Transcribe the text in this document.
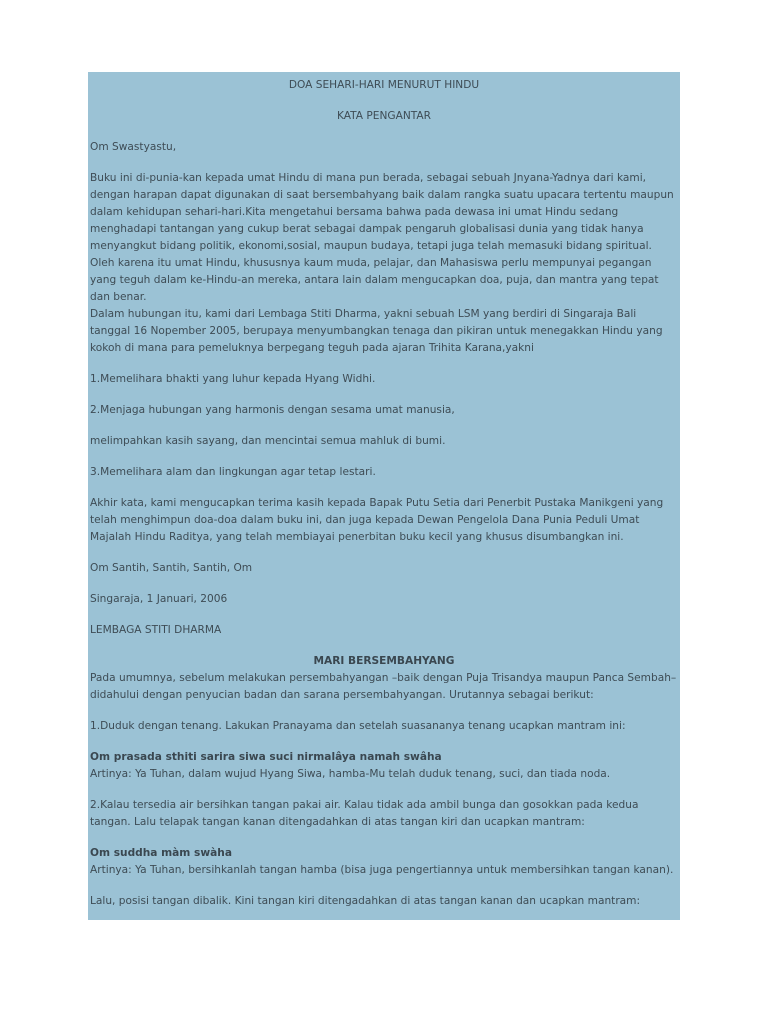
DOA SEHARI-HARI MENURUT HINDU

KATA PENGANTAR

Om Swastyastu,

Buku ini di-punia-kan kepada umat Hindu di mana pun berada, sebagai sebuah Jnyana-Yadnya dari kami, dengan harapan dapat digunakan di saat bersembahyang baik dalam rangka suatu upacara tertentu maupun dalam kehidupan sehari-hari.Kita mengetahui bersama bahwa pada dewasa ini umat Hindu sedang menghadapi tantangan yang cukup berat sebagai dampak pengaruh globalisasi dunia yang tidak hanya menyangkut bidang politik, ekonomi,sosial, maupun budaya, tetapi juga telah memasuki bidang spiritual. Oleh karena itu umat Hindu, khususnya kaum muda, pelajar, dan Mahasiswa perlu mempunyai pegangan yang teguh dalam ke-Hindu-an mereka, antara lain dalam mengucapkan doa, puja, dan mantra yang tepat dan benar.

Dalam hubungan itu, kami dari Lembaga Stiti Dharma, yakni sebuah LSM yang berdiri di Singaraja Bali tanggal 16 Nopember 2005, berupaya menyumbangkan tenaga dan pikiran untuk menegakkan Hindu yang kokoh di mana para pemeluknya berpegang teguh pada ajaran Trihita Karana,yakni

1.Memelihara bhakti yang luhur kepada Hyang Widhi.

2.Menjaga hubungan yang harmonis dengan sesama umat manusia,

melimpahkan kasih sayang, dan mencintai semua mahluk di bumi.

3.Memelihara alam dan lingkungan agar tetap lestari.

Akhir kata, kami mengucapkan terima kasih kepada Bapak Putu Setia dari Penerbit Pustaka Manikgeni yang telah menghimpun doa-doa dalam buku ini, dan juga kepada Dewan Pengelola Dana Punia Peduli Umat Majalah Hindu Raditya, yang telah membiayai penerbitan buku kecil yang khusus disumbangkan ini.

Om Santih, Santih, Santih, Om

Singaraja, 1 Januari, 2006

LEMBAGA STITI DHARMA

MARI BERSEMBAHYANG

Pada umumnya, sebelum melakukan persembahyangan –baik dengan Puja Trisandya maupun Panca Sembah– didahului dengan penyucian badan dan sarana persembahyangan. Urutannya sebagai berikut:

1.Duduk dengan tenang. Lakukan Pranayama dan setelah suasananya tenang ucapkan mantram ini:

Om prasada sthiti sarira siwa suci nirmalâya namah swâha

Artinya: Ya Tuhan, dalam wujud Hyang Siwa, hamba-Mu telah duduk tenang, suci, dan tiada noda.

2.Kalau tersedia air bersihkan tangan pakai air. Kalau tidak ada ambil bunga dan gosokkan pada kedua tangan. Lalu telapak tangan kanan ditengadahkan di atas tangan kiri dan ucapkan mantram:

Om suddha màm swàha

Artinya: Ya Tuhan, bersihkanlah tangan hamba (bisa juga pengertiannya untuk membersihkan tangan kanan).

Lalu, posisi tangan dibalik. Kini tangan kiri ditengadahkan di atas tangan kanan dan ucapkan mantram:
